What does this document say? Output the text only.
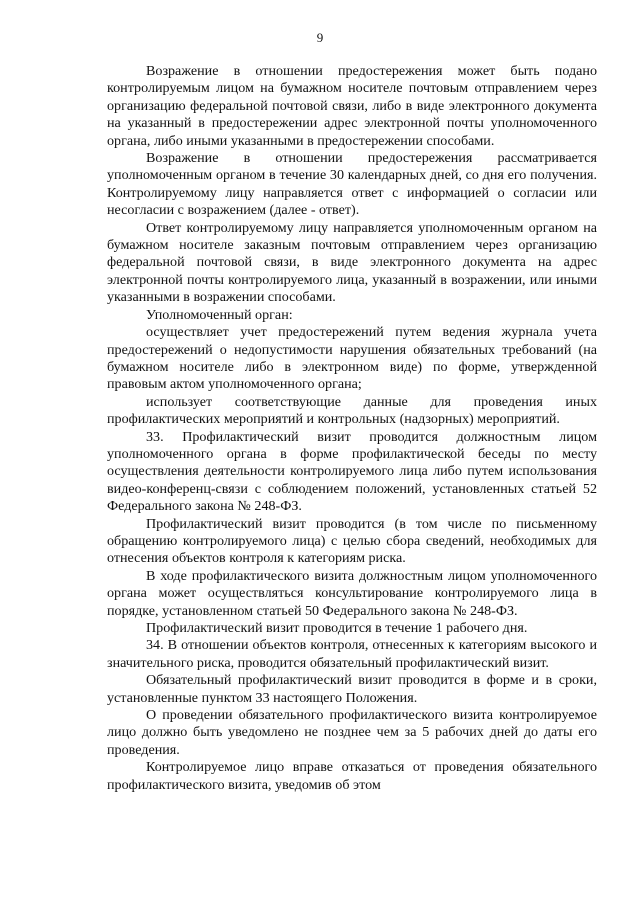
9

Возражение в отношении предостережения может быть подано контролируемым лицом на бумажном носителе почтовым отправлением через организацию федеральной почтовой связи, либо в виде электронного документа на указанный в предостережении адрес электронной почты уполномоченного органа, либо иными указанными в предостережении способами.

Возражение в отношении предостережения рассматривается уполномоченным органом в течение 30 календарных дней, со дня его получения. Контролируемому лицу направляется ответ с информацией о согласии или несогласии с возражением (далее - ответ).

Ответ контролируемому лицу направляется уполномоченным органом на бумажном носителе заказным почтовым отправлением через организацию федеральной почтовой связи, в виде электронного документа на адрес электронной почты контролируемого лица, указанный в возражении, или иными указанными в возражении способами.

Уполномоченный орган:

осуществляет учет предостережений путем ведения журнала учета предостережений о недопустимости нарушения обязательных требований (на бумажном носителе либо в электронном виде) по форме, утвержденной правовым актом уполномоченного органа;

использует соответствующие данные для проведения иных профилактических мероприятий и контрольных (надзорных) мероприятий.

33. Профилактический визит проводится должностным лицом уполномоченного органа в форме профилактической беседы по месту осуществления деятельности контролируемого лица либо путем использования видео-конференц-связи с соблюдением положений, установленных статьей 52 Федерального закона № 248-ФЗ.

Профилактический визит проводится (в том числе по письменному обращению контролируемого лица) с целью сбора сведений, необходимых для отнесения объектов контроля к категориям риска.

В ходе профилактического визита должностным лицом уполномоченного органа может осуществляться консультирование контролируемого лица в порядке, установленном статьей 50 Федерального закона № 248-ФЗ.

Профилактический визит проводится в течение 1 рабочего дня.

34. В отношении объектов контроля, отнесенных к категориям высокого и значительного риска, проводится обязательный профилактический визит.

Обязательный профилактический визит проводится в форме и в сроки, установленные пунктом 33 настоящего Положения.

О проведении обязательного профилактического визита контролируемое лицо должно быть уведомлено не позднее чем за 5 рабочих дней до даты его проведения.

Контролируемое лицо вправе отказаться от проведения обязательного профилактического визита, уведомив об этом
